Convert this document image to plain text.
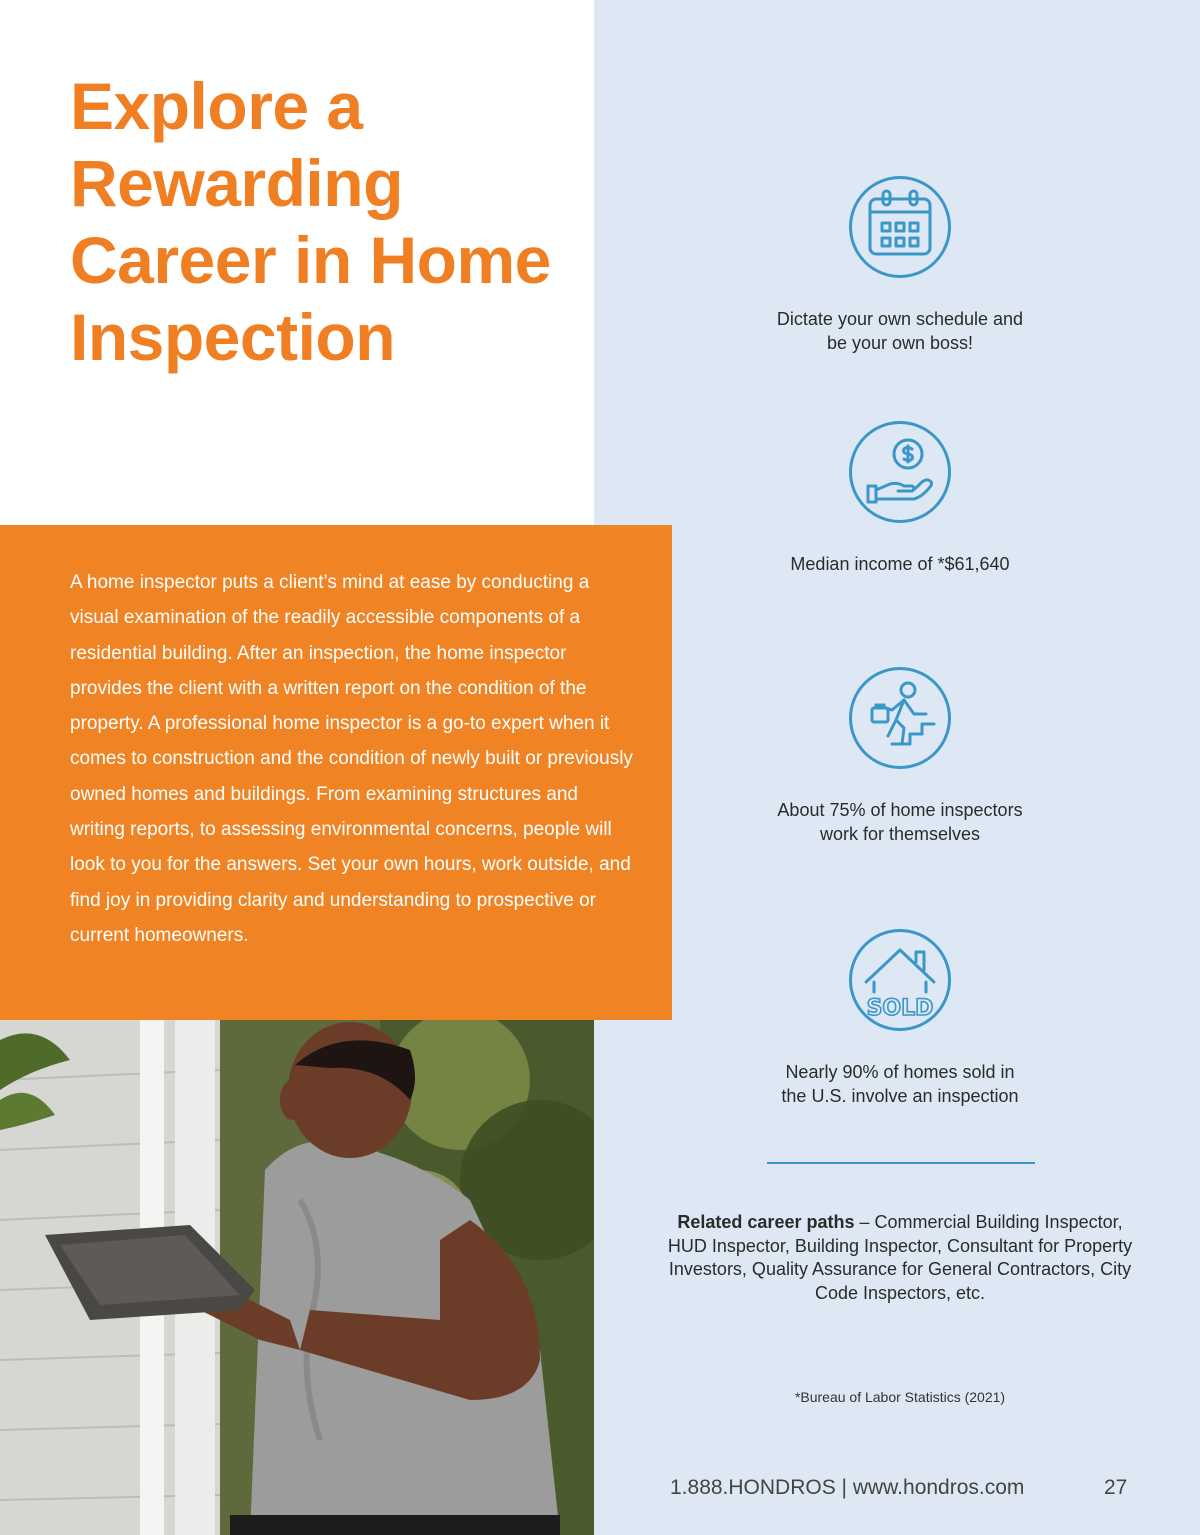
Explore a Rewarding Career in Home Inspection

A home inspector puts a client’s mind at ease by conducting a visual examination of the readily accessible components of a residential building. After an inspection, the home inspector provides the client with a written report on the condition of the property. A professional home inspector is a go-to expert when it comes to construction and the condition of newly built or previously owned homes and buildings. From examining structures and writing reports, to assessing environmental concerns, people will look to you for the answers. Set your own hours, work outside, and find joy in providing clarity and understanding to prospective or current homeowners.

Dictate your own schedule and
be your own boss!
Median income of *$61,640
About 75% of home inspectors
work for themselves
SOLD
Nearly 90% of homes sold in
the U.S. involve an inspection

Related career paths – Commercial Building Inspector, HUD Inspector, Building Inspector, Consultant for Property Investors, Quality Assurance for General Contractors, City Code Inspectors, etc.

*Bureau of Labor Statistics (2021)
1.888.HONDROS | www.hondros.com	27
